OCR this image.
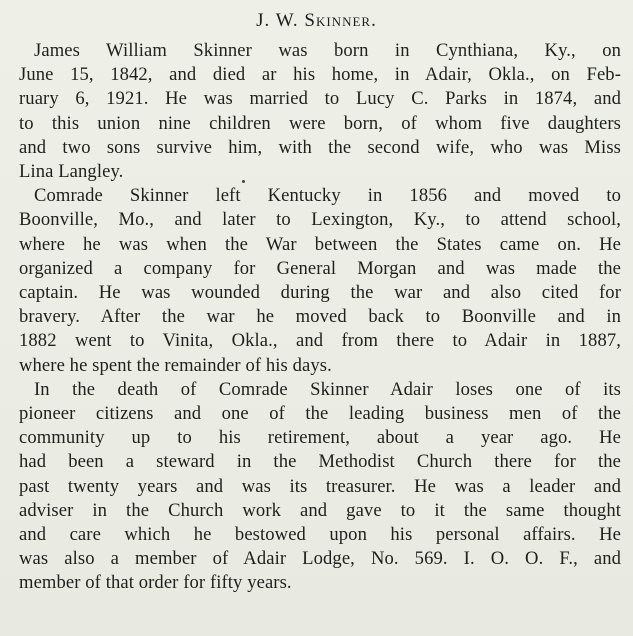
J. W. Skinner.

James William Skinner was born in Cynthiana, Ky., on
June 15, 1842, and died ar his home, in Adair, Okla., on Feb-
ruary 6, 1921. He was married to Lucy C. Parks in 1874, and
to this union nine children were born, of whom five daughters
and two sons survive him, with the second wife, who was Miss
Lina Langley.

Comrade Skinner left Kentucky in 1856 and moved to
Boonville, Mo., and later to Lexington, Ky., to attend school,
where he was when the War between the States came on. He
organized a company for General Morgan and was made the
captain. He was wounded during the war and also cited for
bravery. After the war he moved back to Boonville and in
1882 went to Vinita, Okla., and from there to Adair in 1887,
where he spent the remainder of his days.

In the death of Comrade Skinner Adair loses one of its
pioneer citizens and one of the leading business men of the
community up to his retirement, about a year ago. He
had been a steward in the Methodist Church there for the
past twenty years and was its treasurer. He was a leader and
adviser in the Church work and gave to it the same thought
and care which he bestowed upon his personal affairs. He
was also a member of Adair Lodge, No. 569. I. O. O. F., and
member of that order for fifty years.
